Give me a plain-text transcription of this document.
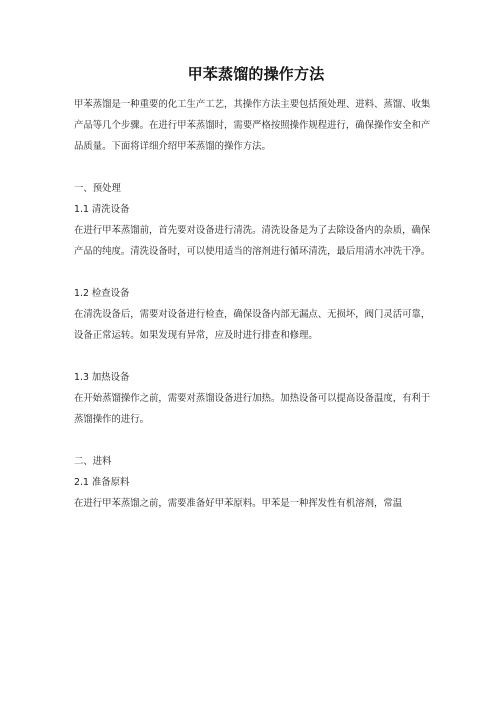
甲苯蒸馏的操作方法

甲苯蒸馏是一种重要的化工生产工艺，其操作方法主要包括预处理、进料、蒸馏、收集产品等几个步骤。在进行甲苯蒸馏时，需要严格按照操作规程进行，确保操作安全和产品质量。下面将详细介绍甲苯蒸馏的操作方法。

一、预处理

1.1 清洗设备

在进行甲苯蒸馏前，首先要对设备进行清洗。清洗设备是为了去除设备内的杂质，确保产品的纯度。清洗设备时，可以使用适当的溶剂进行循环清洗，最后用清水冲洗干净。

1.2 检查设备

在清洗设备后，需要对设备进行检查，确保设备内部无漏点、无损坏，阀门灵活可靠，设备正常运转。如果发现有异常，应及时进行排查和修理。

1.3 加热设备

在开始蒸馏操作之前，需要对蒸馏设备进行加热。加热设备可以提高设备温度，有利于蒸馏操作的进行。

二、进料

2.1 准备原料

在进行甲苯蒸馏之前，需要准备好甲苯原料。甲苯是一种挥发性有机溶剂，常温
